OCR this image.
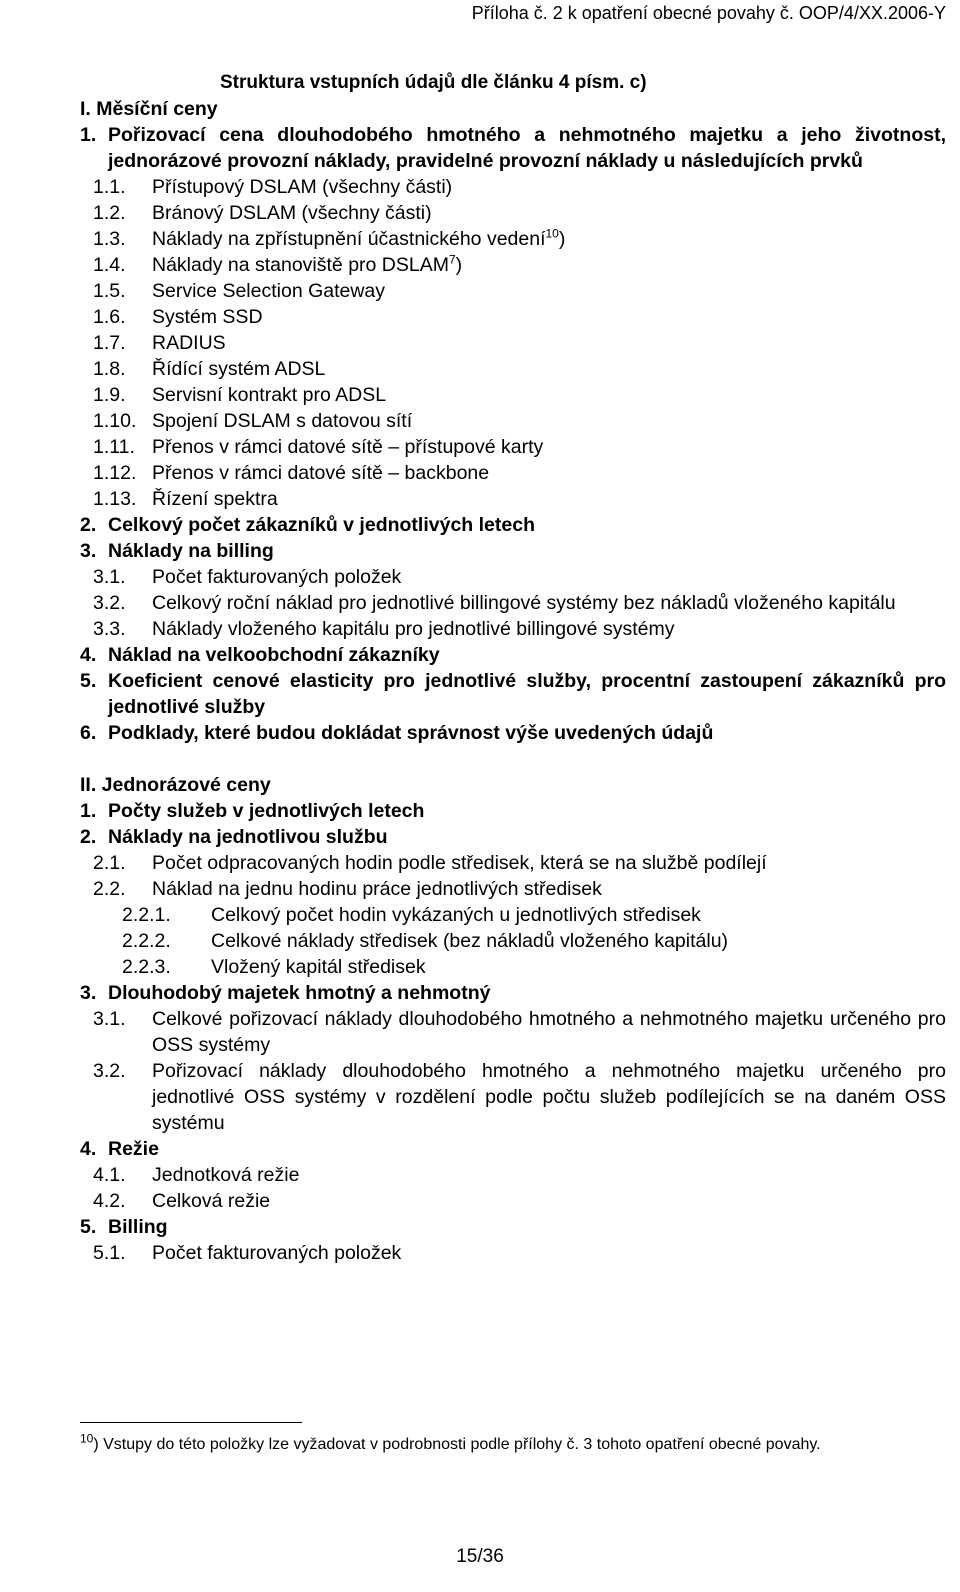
Příloha č. 2 k opatření obecné povahy č. OOP/4/XX.2006-Y
Struktura vstupních údajů dle článku 4 písm. c)
I. Měsíční ceny
1. Pořizovací cena dlouhodobého hmotného a nehmotného majetku a jeho životnost, jednorázové provozní náklady, pravidelné provozní náklady u následujících prvků
1.1.	Přístupový DSLAM (všechny části)
1.2.	Bránový DSLAM (všechny části)
1.3.	Náklady na zpřístupnění účastnického vedení$^{10}$)
1.4.	Náklady na stanoviště pro DSLAM$^7$)
1.5.	Service Selection Gateway
1.6.	Systém SSD
1.7.	RADIUS
1.8.	Řídící systém ADSL
1.9.	Servisní kontrakt pro ADSL
1.10. Spojení DSLAM s datovou sítí
1.11. Přenos v rámci datové sítě – přístupové karty
1.12. Přenos v rámci datové sítě – backbone
1.13. Řízení spektra
2. Celkový počet zákazníků v jednotlivých letech
3. Náklady na billing
3.1.	Počet fakturovaných položek
3.2.	Celkový roční náklad pro jednotlivé billingové systémy bez nákladů vloženého kapitálu
3.3.	Náklady vloženého kapitálu pro jednotlivé billingové systémy
4. Náklad na velkoobchodní zákazníky
5. Koeficient cenové elasticity pro jednotlivé služby, procentní zastoupení zákazníků pro jednotlivé služby
6. Podklady, které budou dokládat správnost výše uvedených údajů
II. Jednorázové ceny
1. Počty služeb v jednotlivých letech
2. Náklady na jednotlivou službu
2.1.	Počet odpracovaných hodin podle středisek, která se na službě podílejí
2.2.	Náklad na jednu hodinu práce jednotlivých středisek
2.2.1.	Celkový počet hodin vykázaných u jednotlivých středisek
2.2.2.	Celkové náklady středisek (bez nákladů vloženého kapitálu)
2.2.3.	Vložený kapitál středisek
3. Dlouhodobý majetek hmotný a nehmotný
3.1.	Celkové pořizovací náklady dlouhodobého hmotného a nehmotného majetku určeného pro OSS systémy
3.2.	Pořizovací náklady dlouhodobého hmotného a nehmotného majetku určeného pro jednotlivé OSS systémy v rozdělení podle počtu služeb podílejících se na daném OSS systému
4. Režie
4.1.	Jednotková režie
4.2.	Celková režie
5. Billing
5.1.	Počet fakturovaných položek
$^{10}$) Vstupy do této položky lze vyžadovat v podrobnosti podle přílohy č. 3 tohoto opatření obecné povahy.
15/36
